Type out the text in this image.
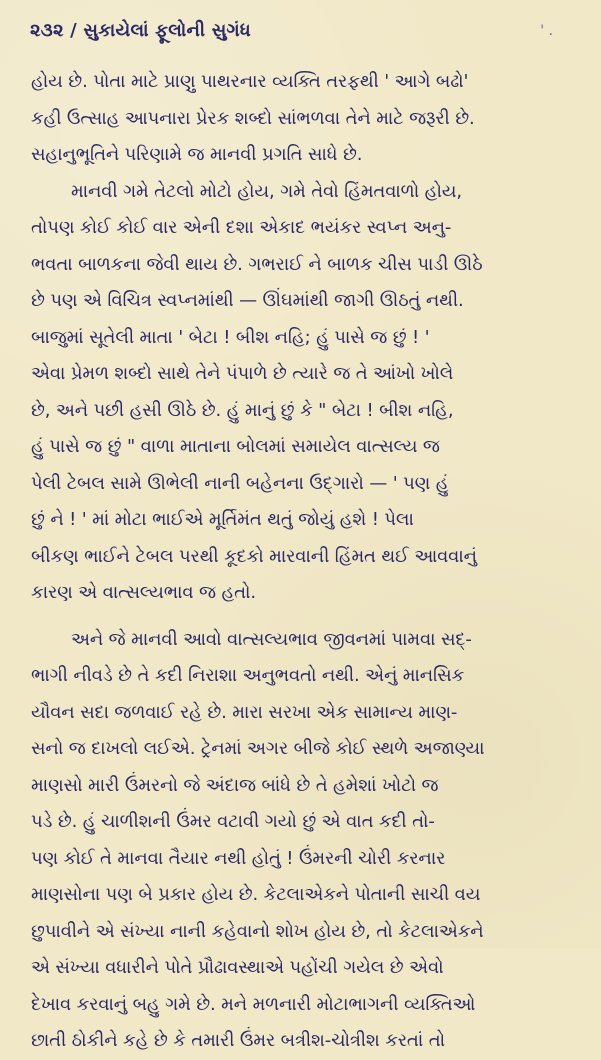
૨૩૨ / સુકાયેલાં ફૂલોની સુગંધ	' .
હોય છે. પોતા માટે પ્રાણુ પાથરનાર વ્યક્તિ તરફથી ' આગે બઢો'
કહી ઉત્સાહ આપનારા પ્રેરક શબ્દો સાંભળવા તેને માટે જરૂરી છે.
સહાનુભૂતિને પરિણામે જ માનવી પ્રગતિ સાધે છે.
માનવી ગમે તેટલો મોટો હોય, ગમે તેવો હિંમતવાળો હોય,
તોપણ કોઈ કોઈ વાર એની દશા એકાદ ભયંકર સ્વપ્ન અનુ-
ભવતા બાળકના જેવી થાય છે. ગભરાઈ ને બાળક ચીસ પાડી ઊઠે
છે પણ એ વિચિત્ર સ્વપ્નમાંથી — ઊંઘમાંથી જાગી ઊઠતું નથી.
બાજુમાં સૂતેલી માતા ' બેટા ! બીશ નહિ; હું પાસે જ છું ! '
એવા પ્રેમળ શબ્દો સાથે તેને પંપાળે છે ત્યારે જ તે આંખો ખોલે
છે, અને પછી હસી ઊઠે છે. હું માનું છું કે " બેટા ! બીશ નહિ,
હું પાસે જ છું " વાળા માતાના બોલમાં સમાયેલ વાત્સલ્ય જ
પેલી ટેબલ સામે ઊભેલી નાની બહેનના ઉદ્‌ગારો — ' પણ હું
છું ને ! ' માં મોટા ભાઈએ મૂર્તિમંત થતું જોયું હશે ! પેલા
બીકણ ભાઈને ટેબલ પરથી કૂદકો મારવાની હિંમત થઈ આવવાનું
કારણ એ વાત્સલ્યભાવ જ હતો.
અને જે માનવી આવો વાત્સલ્યભાવ જીવનમાં પામવા સદ્-
ભાગી નીવડે છે તે કદી નિરાશા અનુભવતો નથી. એનું માનસિક
યૌવન સદા જળવાઈ રહે છે. મારા સરખા એક સામાન્ય માણ-
સનો જ દાખલો લઈએ. ટ્રેનમાં અગર બીજે કોઈ સ્થળે અજાણ્યા
માણસો મારી ઉંમરનો જે અંદાજ બાંધે છે તે હમેશાં ખોટો જ
પડે છે. હું ચાળીશની ઉંમર વટાવી ગયો છું એ વાત કદી તો-
પણ કોઈ તે માનવા તૈયાર નથી હોતું ! ઉંમરની ચોરી કરનાર
માણસોના પણ બે પ્રકાર હોય છે. કેટલાએકને પોતાની સાચી વય
છુપાવીને એ સંખ્યા નાની કહેવાનો શોખ હોય છે, તો કેટલાએકને
એ સંખ્યા વધારીને પોતે પ્રૌઢાવસ્થાએ પહોંચી ગયેલ છે એવો
દેખાવ કરવાનું બહુ ગમે છે. મને મળનારી મોટાભાગની વ્યક્તિઓ
છાતી ઠોકીને કહે છે કે તમારી ઉંમર બત્રીશ-ચોત્રીશ કરતાં તો
